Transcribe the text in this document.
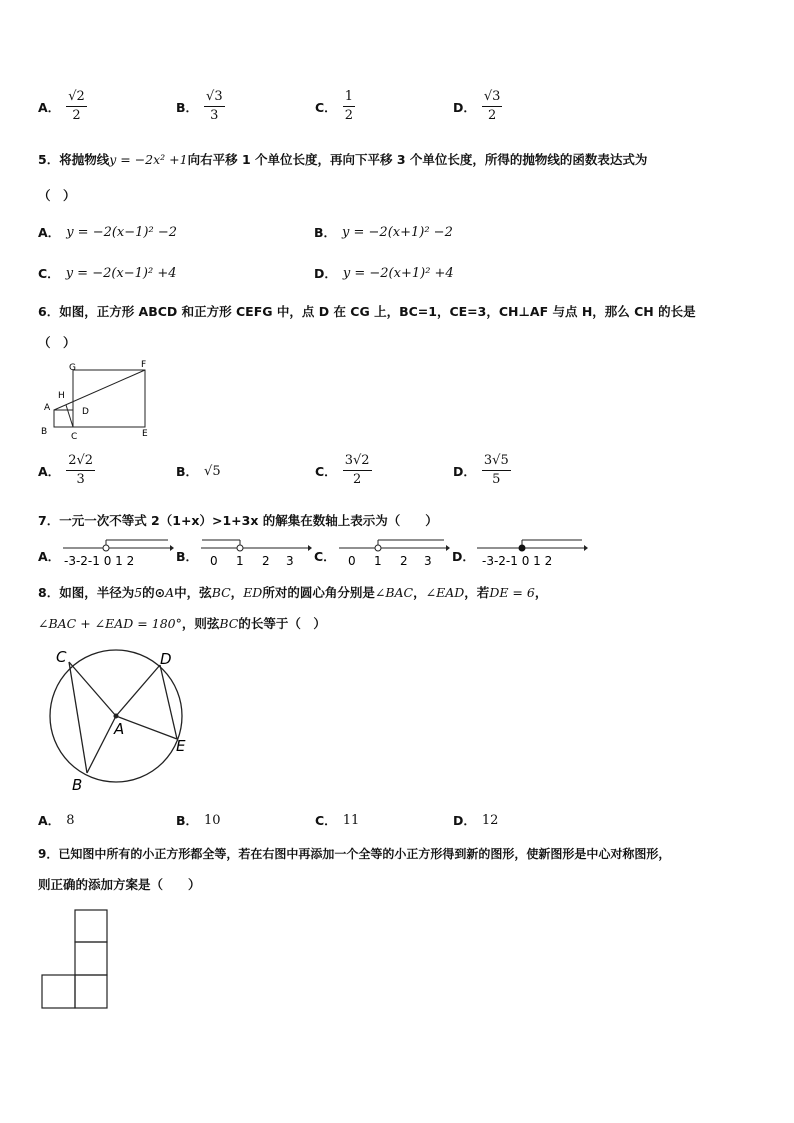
A． $\frac{√2}{2}$	B． $\frac{√3}{3}$	C． $\frac{1}{2}$	D． $\frac{√3}{2}$
5．将抛物线y = −2x² +1向右平移 1 个单位长度，再向下平移 3 个单位长度，所得的抛物线的函数表达式为
（　）
A． y = −2(x−1)² −2	B． y = −2(x+1)² −2
C． y = −2(x−1)² +4	D． y = −2(x+1)² +4
6．如图，正方形 ABCD 和正方形 CEFG 中，点 D 在 CG 上，BC=1，CE=3，CH⊥AF 与点 H，那么 CH 的长是
（　）
G	F
H
A	D
B	C	E
A． $\frac{2√2}{3}$	B． √5	C． $\frac{3√2}{2}$	D． $\frac{3√5}{5}$
7．一元一次不等式 2（1+x）>1+3x 的解集在数轴上表示为（　　）
A． -3-2-1 0 1 2	B． 0 1 2 3 C． 0 1 2 3 D． -3-2-1 0 1 2
8．如图，半径为5的⊙A中，弦BC，ED所对的圆心角分别是∠BAC，∠EAD，若DE = 6，
∠BAC + ∠EAD = 180°，则弦BC的长等于（　）
C	D
A
E
B
A． 8	B． 10	C． 11	D． 12
9．已知图中所有的小正方形都全等，若在右图中再添加一个全等的小正方形得到新的图形，使新图形是中心对称图形，
则正确的添加方案是（　　）
